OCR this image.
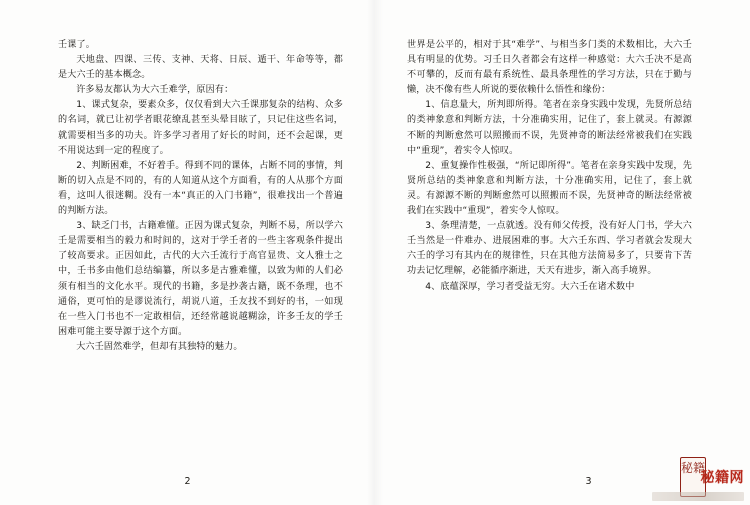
壬课了。

天地盘、四课、三传、支神、天将、日辰、遁干、年命等等，都是大六壬的基本概念。

许多易友都认为大六壬难学，原因有：

1、课式复杂，要素众多，仅仅看到大六壬课那复杂的结构、众多的名词，就已让初学者眼花缭乱甚至头晕目眩了，只记住这些名词，就需要相当多的功夫。许多学习者用了好长的时间，还不会起课，更不用说达到一定的程度了。

2、判断困难，不好着手。得到不同的课体，占断不同的事情，判断的切入点是不同的，有的人知道从这个方面看，有的人从那个方面看，这叫人很迷糊。没有一本“真正的入门书籍”，很难找出一个普遍的判断方法。

3、缺乏门书，古籍难懂。正因为课式复杂，判断不易，所以学六壬是需要相当的毅力和时间的，这对于学壬者的一些主客观条件提出了较高要求。正因如此，古代的大六壬流行于高官显贵、文人雅士之中，壬书多由他们总结编纂，所以多是古雅难懂，以致为师的人们必须有相当的文化水平。现代的书籍，多是抄袭古籍，既不条理，也不通俗，更可怕的是谬说流行，胡说八道，壬友找不到好的书，一如现在一些入门书也不一定敢相信，还经常越说越糊涂，许多壬友的学壬困难可能主要导源于这个方面。

大六壬固然难学，但却有其独特的魅力。

2

世界是公平的，相对于其“难学”、与相当多门类的术数相比，大六壬具有明显的优势。习壬日久者都会有这样一种感觉：大六壬决不是高不可攀的，反而有最有系统性、最具条理性的学习方法，只在于勤与懒，决不像有些人所说的要依赖什么悟性和缘份：

1、信息量大，所判即所得。笔者在亲身实践中发现，先贤所总结的类神象意和判断方法，十分准确实用，记住了，套上就灵。有源源不断的判断愈然可以照搬而不误，先贤神奇的断法经常被我们在实践中“重现”，着实令人惊叹。

2、重复操作性极强，“所记即所得”。笔者在亲身实践中发现，先贤所总结的类神象意和判断方法，十分准确实用，记住了，套上就灵。有源源不断的判断愈然可以照搬而不误，先贤神奇的断法经常被我们在实践中“重现”，着实令人惊叹。

3、条理清楚，一点就透。没有师父传授，没有好人门书，学大六壬当然是一件难办、进展困难的事。大六壬东西、学习者就会发现大六壬的学习有其内在的规律性，只在其他方法简易多了，只要肯下苦功去记忆理解，必能循序渐进，天天有进步，渐入高手境界。

4、底蕴深厚，学习者受益无穷。大六壬在诸术数中

3
秘籍
秘籍网
